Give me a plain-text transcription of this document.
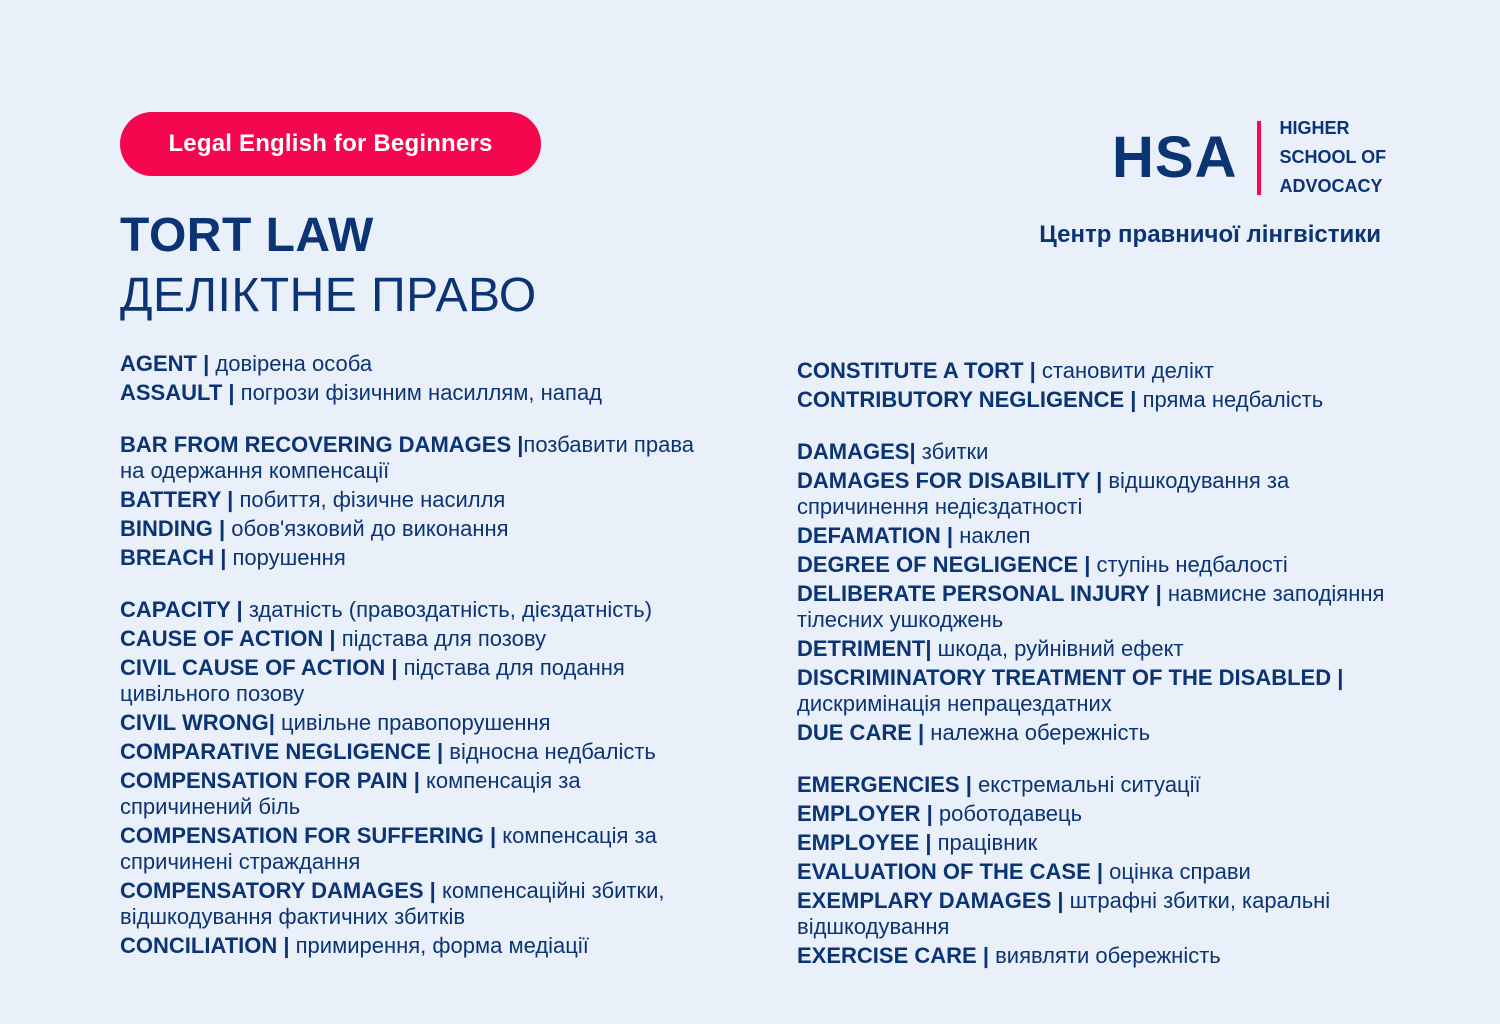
Legal English for Beginners
TORT LAW
ДЕЛІКТНЕ ПРАВО
HSA HIGHER
SCHOOL OF
ADVOCACY
Центр правничої лінгвістики
AGENT | довірена особа
ASSAULT | погрози фізичним насиллям, напад
BAR FROM RECOVERING DAMAGES |позбавити права на одержання компенсації
BATTERY | побиття, фізичне насилля
BINDING | обов'язковий до виконання
BREACH | порушення
CAPACITY | здатність (правоздатність, дієздатність)
CAUSE OF ACTION | підстава для позову
CIVIL CAUSE OF ACTION | підстава для подання цивільного позову
CIVIL WRONG| цивільне правопорушення
COMPARATIVE NEGLIGENCE | відносна недбалість
COMPENSATION FOR PAIN | компенсація за спричинений біль
COMPENSATION FOR SUFFERING | компенсація за спричинені страждання
COMPENSATORY DAMAGES | компенсаційні збитки, відшкодування фактичних збитків
CONCILIATION | примирення, форма медіації
CONSTITUTE A TORT | становити делікт
CONTRIBUTORY NEGLIGENCE | пряма недбалість
DAMAGES| збитки
DAMAGES FOR DISABILITY | відшкодування за спричинення недієздатності
DEFAMATION | наклеп
DEGREE OF NEGLIGENCE | ступінь недбалості
DELIBERATE PERSONAL INJURY | навмисне заподіяння тілесних ушкоджень
DETRIMENT| шкода, руйнівний ефект
DISCRIMINATORY TREATMENT OF THE DISABLED | дискримінація непрацездатних
DUE CARE | належна обережність
EMERGENCIES | екстремальні ситуації
EMPLOYER | роботодавець
EMPLOYEE | працівник
EVALUATION OF THE CASE | оцінка справи
EXEMPLARY DAMAGES | штрафні збитки, каральні відшкодування
EXERCISE CARE | виявляти обережність
